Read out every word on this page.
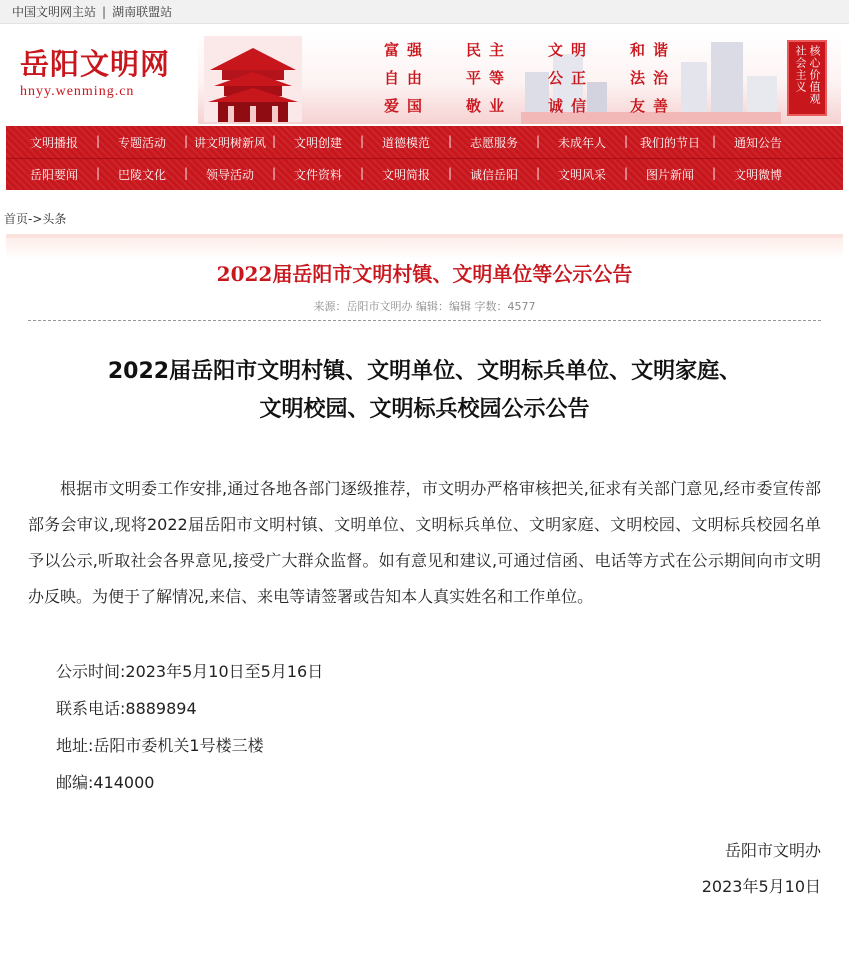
中国文明网主站 | 湖南联盟站
岳阳文明网
hnyy.wenming.cn
富强	民主	文明	和谐
自由	平等	公正	法治
爱国	敬业	诚信	友善
社会主义 核心价值观
文明播报	| 专题活动	| 讲文明树新风	| 文明创建	| 道德模范	| 志愿服务	| 未成年人	| 我们的节日	| 通知公告
岳阳要闻	| 巴陵文化	| 领导活动	| 文件资料	| 文明简报	| 诚信岳阳	| 文明风采	| 图片新闻	| 文明微博
首页->头条
2022届岳阳市文明村镇、文明单位等公示公告
来源：岳阳市文明办 编辑：编辑 字数：4577
2022届岳阳市文明村镇、文明单位、文明标兵单位、文明家庭、
文明校园、文明标兵校园公示公告

根据市文明委工作安排,通过各地各部门逐级推荐，市文明办严格审核把关,征求有关部门意见,经市委宣传部部务会审议,现将2022届岳阳市文明村镇、文明单位、文明标兵单位、文明家庭、文明校园、文明标兵校园名单予以公示,听取社会各界意见,接受广大群众监督。如有意见和建议,可通过信函、电话等方式在公示期间向市文明办反映。为便于了解情况,来信、来电等请签署或告知本人真实姓名和工作单位。

公示时间:2023年5月10日至5月16日
联系电话:8889894
地址:岳阳市委机关1号楼三楼
邮编:414000
岳阳市文明办
2023年5月10日
